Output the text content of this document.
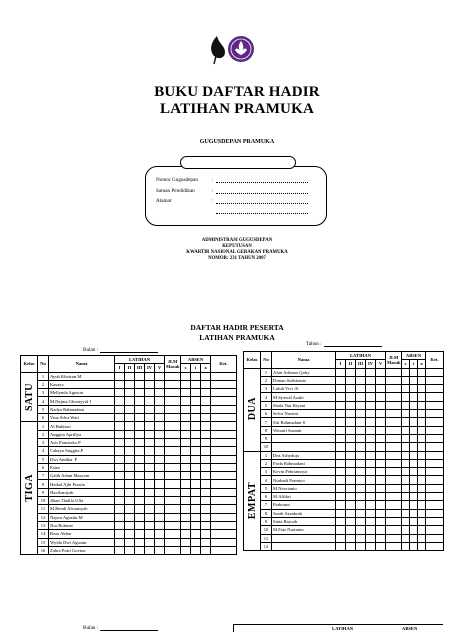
BUKU DAFTAR HADIR
LATIHAN PRAMUKA
GUGUSDEPAN PRAMUKA
Nomor Gugusdepan	:
Satuan Pendidikan	:
Alamat	:
ADMINISTRASI GUGUSDEPAN
KEPUTUSAN
KWARTIR NASIONAL GERAKAN PRAMUKA
NOMOR: 231 TAHUN 2007
DAFTAR HADIR PESERTA
LATIHAN PRAMUKA
Tahun :
Bulan :
Kelas	No	Nama	LATIHAN					JLM
Masuk	ABSEN			Ket.
			I	II	III	IV	V		s	i	a	
SATU	1	Ayub Khoirun M										
	2	Kasaya										
	3	Mellynda Agustin										
	4	M.Najma Ghoniyyul I										
	5	Nadya Rahmadani										
	6	Vina Silva Wati										
TIGA	1	Al Bukhori										
	2	Anggita Aprillya										
	3	Aris Pransisko.P										
	4	Cahaya Anggita.P										
	5	Dwi Andika .P										
	6	Faizz										
	7	Galih Adam Masyoni										
	8	Haikal Ajhi Prastio										
	9	Havilsmiyah										
	10	Jihan Thalifa Ulfa										
	11	M.Rendi Afriansyah										
	12	Najwa Agustin M										
	13	Nur Rohmat										
	14	Reza Akbar										
	15	Wylda Dwi Agustin										
	16	Zahra Putri Govina										
Kelas	No	Nama	LATIHAN					JLM
Masuk	ABSEN			Ket.
			I	II	III	IV	V		s	i	a	
DUA	1	Afan Adriano Qoby										
	2	Diman Sulistianto										
	3	Luluh Vivi .K										
	4	M.Syawal Azaki										
	5	Shafa Nur Riyani										
	6	Selva Nursini										
	7	Siti Rahmadani S										
	8	Winarti Susanti										
	9											
	10											
EMPAT	1	Dea Ashyduja										
	2	Firda Rahmadani										
	3	Kevin Febrianssya										
	4	Nurhadi Pramiyo										
	5	M.Novrianto										
	6	M.Alfikri										
	7	Prahonos										
	8	Sarah Azzahrah										
	9	Sinta Raysah										
	10	M.Faiz Nurtanto										
	11											
	12											
Bulan :	LATIHAN	ABSEN
